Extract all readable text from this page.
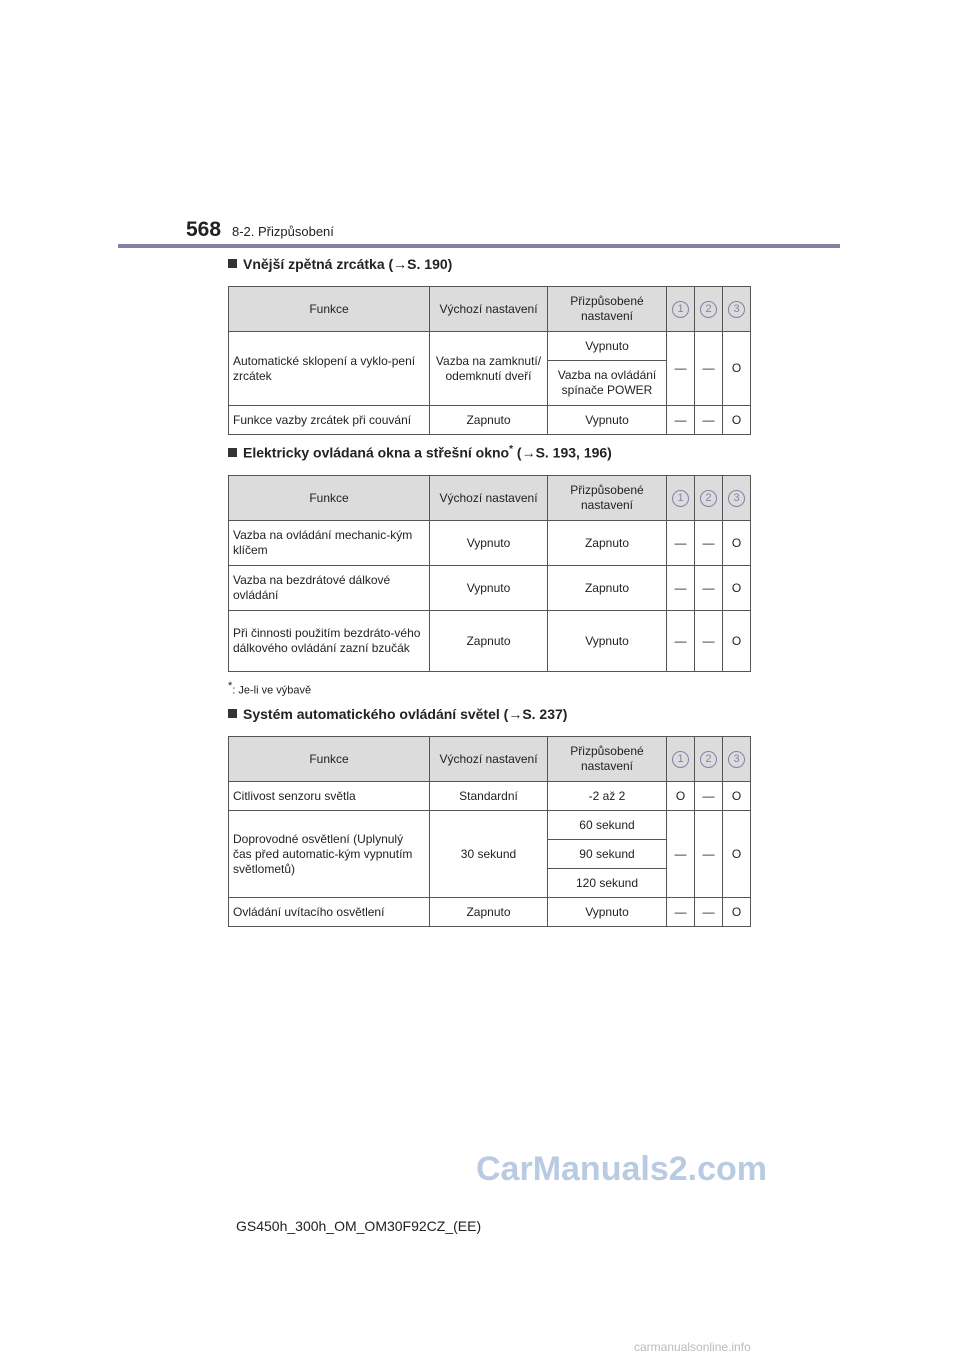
568 8-2. Přizpůsobení
Vnější zpětná zrcátka (→S. 190)
Funkce	Výchozí nastavení	Přizpůsobené nastavení	1	2	3
Automatické sklopení a vyklo-pení zrcátek	Vazba na zamknutí/ odemknutí dveří	Vypnuto	—	—	O
		Vazba na ovládání spínače POWER			
Funkce vazby zrcátek při couvání	Zapnuto	Vypnuto	—	—	O
Elektricky ovládaná okna a střešní okno* (→S. 193, 196)
Funkce	Výchozí nastavení	Přizpůsobené nastavení	1	2	3
Vazba na ovládání mechanic-kým klíčem	Vypnuto	Zapnuto	—	—	O
Vazba na bezdrátové dálkové ovládání	Vypnuto	Zapnuto	—	—	O
Při činnosti použitím bezdráto-vého dálkového ovládání zazní bzučák	Zapnuto	Vypnuto	—	—	O
*: Je-li ve výbavě
Systém automatického ovládání světel (→S. 237)
Funkce	Výchozí nastavení	Přizpůsobené nastavení	1	2	3
Citlivost senzoru světla	Standardní	-2 až 2	O	—	O
Doprovodné osvětlení (Uplynulý čas před automatic-kým vypnutím světlometů)	30 sekund	60 sekund	—	—	O
		90 sekund			
		120 sekund			
Ovládání uvítacího osvětlení	Zapnuto	Vypnuto	—	—	O
CarManuals2.com
GS450h_300h_OM_OM30F92CZ_(EE)
carmanualsonline.info
